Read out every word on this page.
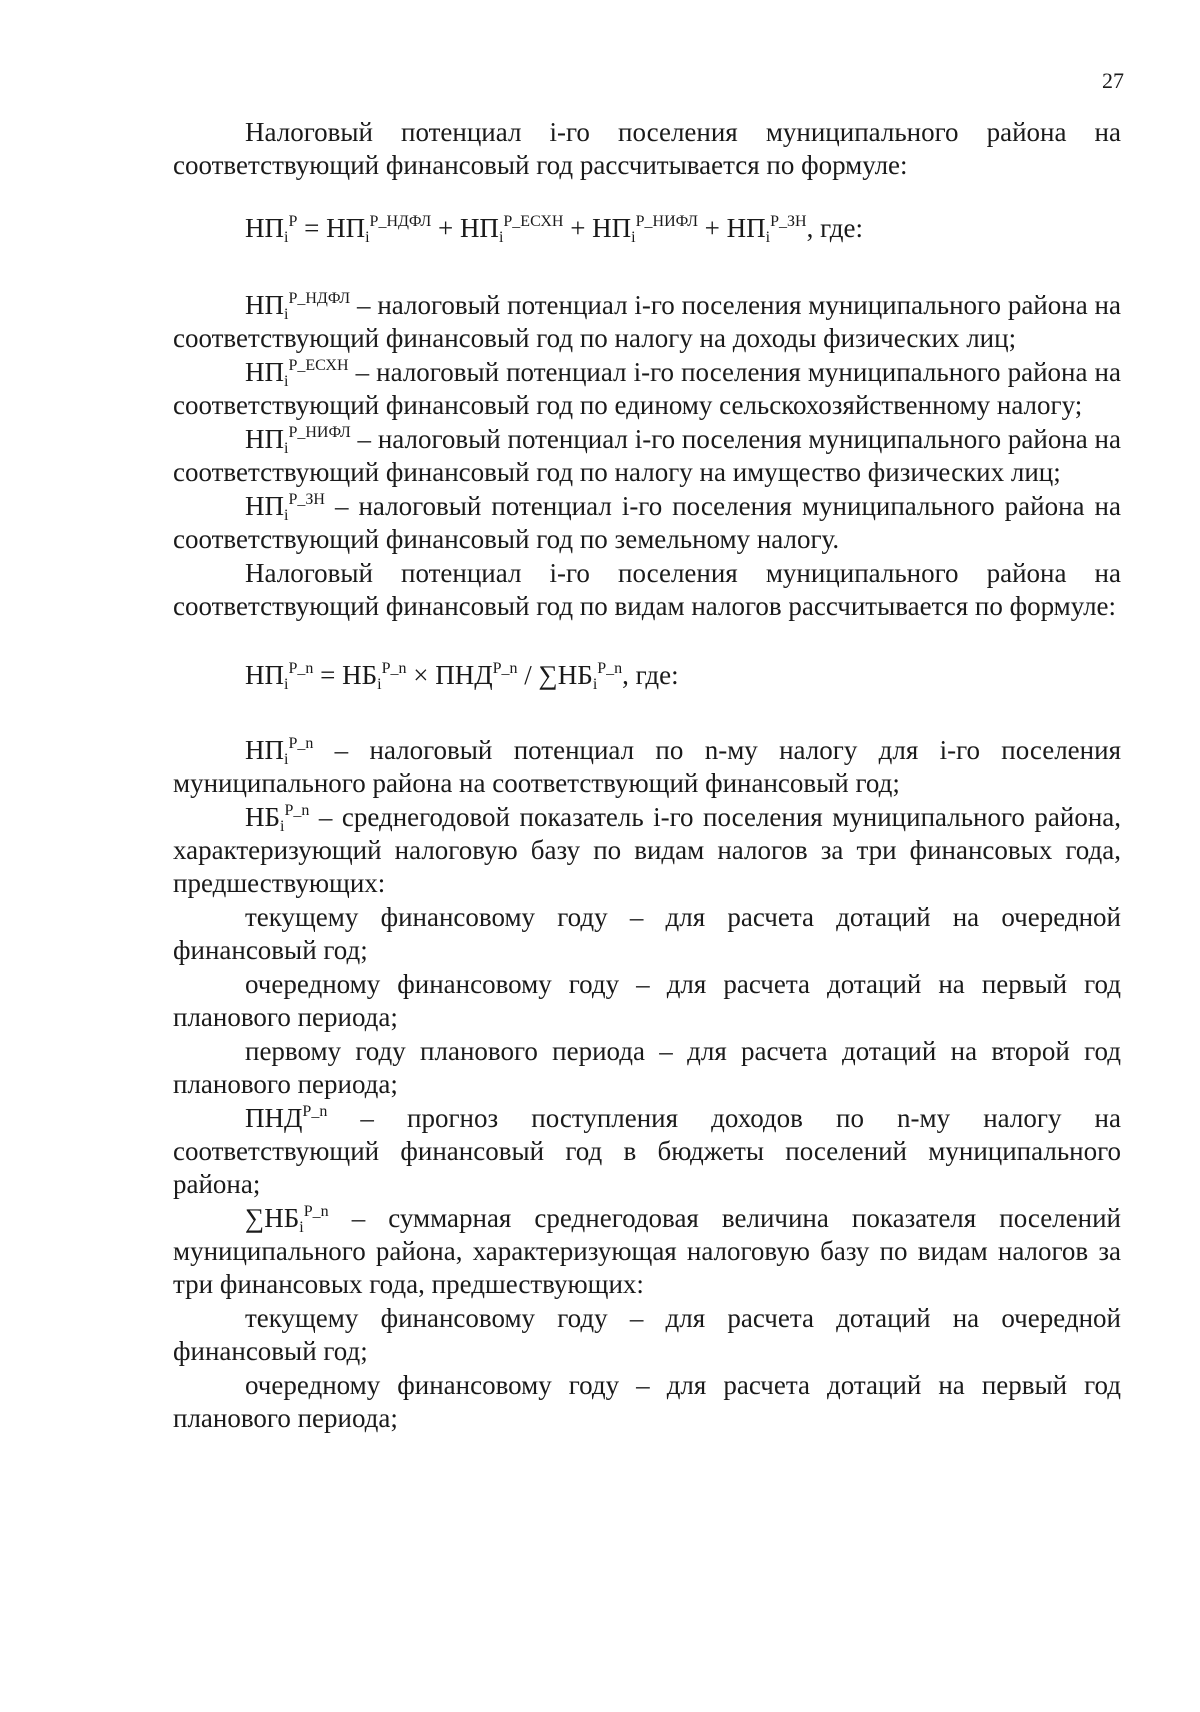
27

Налоговый потенциал i-го поселения муниципального района на соответствующий финансовый год рассчитывается по формуле:

$НП_i^Р = НП_i^{Р\_НДФЛ} + НП_i^{Р\_ЕСХН} + НП_i^{Р\_НИФЛ} + НП_i^{Р\_ЗН}$, где:

$НП_i^{Р\_НДФЛ}$ – налоговый потенциал i-го поселения муниципального района на соответствующий финансовый год по налогу на доходы физических лиц;

$НП_i^{Р\_ЕСХН}$ – налоговый потенциал i-го поселения муниципального района на соответствующий финансовый год по единому сельскохозяйственному налогу;

$НП_i^{Р\_НИФЛ}$ – налоговый потенциал i-го поселения муниципального района на соответствующий финансовый год по налогу на имущество физических лиц;

$НП_i^{Р\_ЗН}$ – налоговый потенциал i-го поселения муниципального района на соответствующий финансовый год по земельному налогу.

Налоговый потенциал i-го поселения муниципального района на соответствующий финансовый год по видам налогов рассчитывается по формуле:

$НП_i^{Р\_n} = НБ_i^{Р\_n} \times ПНД^{Р\_n} / \sum НБ_i^{Р\_n}$, где:

$НП_i^{Р\_n}$ – налоговый потенциал по n-му налогу для i-го поселения муниципального района на соответствующий финансовый год;

$НБ_i^{Р\_n}$ – среднегодовой показатель i-го поселения муниципального района, характеризующий налоговую базу по видам налогов за три финансовых года, предшествующих:

текущему финансовому году – для расчета дотаций на очередной финансовый год;

очередному финансовому году – для расчета дотаций на первый год планового периода;

первому году планового периода – для расчета дотаций на второй год планового периода;

$ПНД^{Р\_n}$ – прогноз поступления доходов по n-му налогу на соответствующий финансовый год в бюджеты поселений муниципального района;

$\sum НБ_i^{Р\_n}$ – суммарная среднегодовая величина показателя поселений муниципального района, характеризующая налоговую базу по видам налогов за три финансовых года, предшествующих:

текущему финансовому году – для расчета дотаций на очередной финансовый год;

очередному финансовому году – для расчета дотаций на первый год планового периода;
